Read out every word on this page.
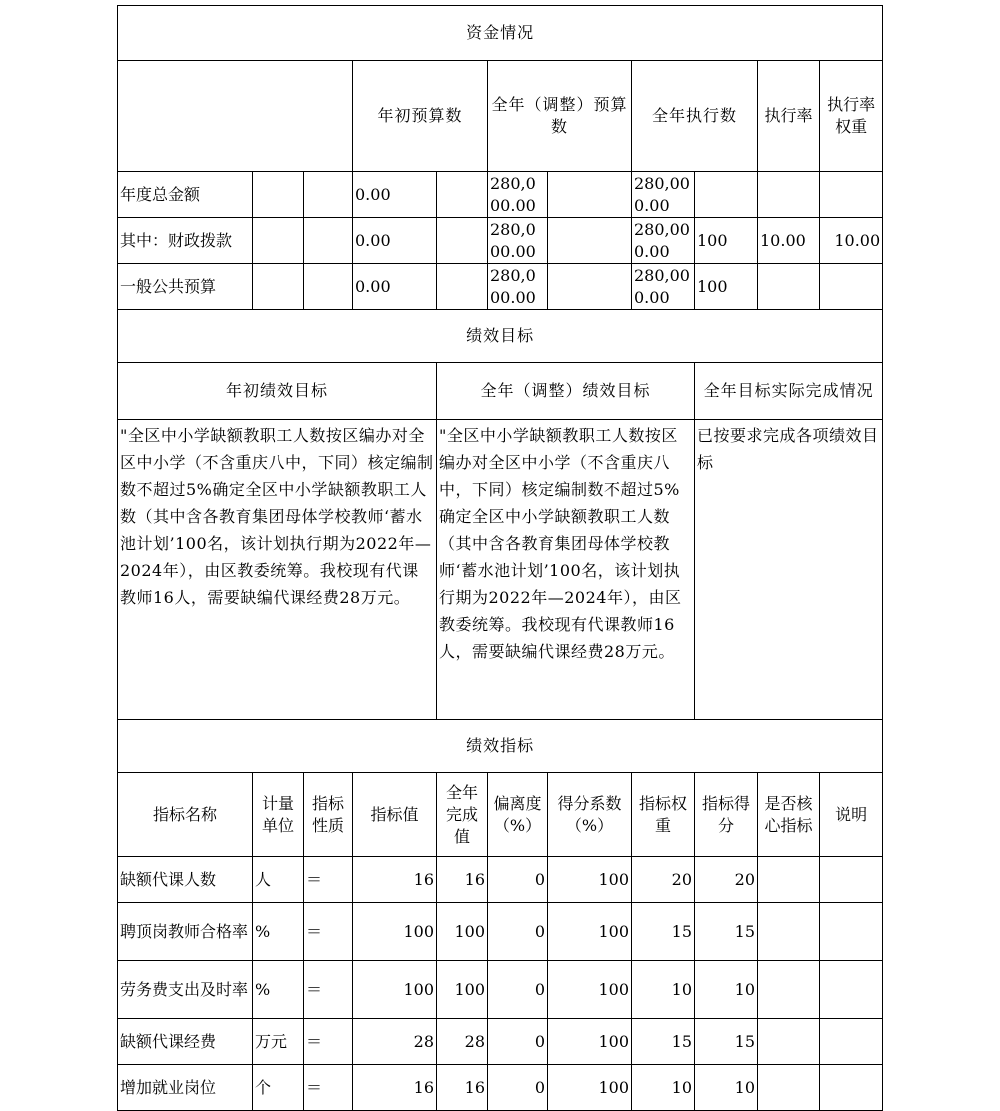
资金情况											
			年初预算数		全年（调整）预算数		全年执行数		执行率	执行率权重	
年度总金额			0.00		280,000.00		280,000.00				
其中：财政拨款			0.00		280,000.00		280,000.00	100	10.00	10.00	
一般公共预算			0.00		280,000.00		280,000.00	100			
绩效目标											
年初绩效目标				全年（调整）绩效目标				全年目标实际完成情况			
"全区中小学缺额教职工人数按区编办对全区中小学（不含重庆八中，下同）核定编制数不超过5%确定全区中小学缺额教职工人数（其中含各教育集团母体学校教师‘蓄水池计划’100名，该计划执行期为2022年—2024年），由区教委统筹。我校现有代课教师16人，需要缺编代课经费28万元。				"全区中小学缺额教职工人数按区编办对全区中小学（不含重庆八中，下同）核定编制数不超过5%确定全区中小学缺额教职工人数（其中含各教育集团母体学校教师‘蓄水池计划’100名，该计划执行期为2022年—2024年），由区教委统筹。我校现有代课教师16人，需要缺编代课经费28万元。				已按要求完成各项绩效目标			
绩效指标											
指标名称	计量单位	指标性质	指标值	全年完成值	偏离度（%）	得分系数（%）	指标权重	指标得分	是否核心指标	说明	
缺额代课人数	人	＝	16	16	0	100	20	20			
聘顶岗教师合格率	%	＝	100	100	0	100	15	15			
劳务费支出及时率	%	＝	100	100	0	100	10	10			
缺额代课经费	万元	＝	28	28	0	100	15	15			
增加就业岗位	个	＝	16	16	0	100	10	10			
